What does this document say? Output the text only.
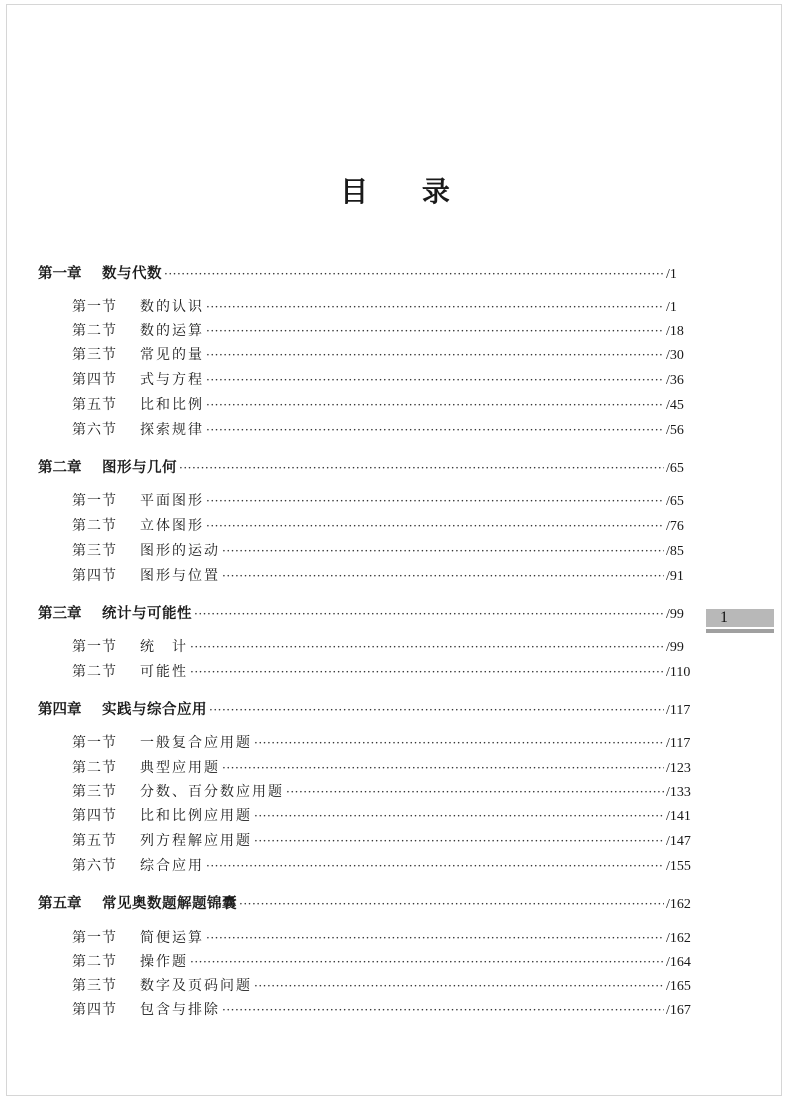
目 录
第一章	数与代数 ·····	/1
第一节	数的认识 ·····	/1
第二节	数的运算 ·····	/18
第三节	常见的量 ·····	/30
第四节	式与方程 ·····	/36
第五节	比和比例 ·····	/45
第六节	探索规律 ·····	/56
第二章	图形与几何 ·····	/65
第一节	平面图形 ·····	/65
第二节	立体图形 ·····	/76
第三节	图形的运动 ·····	/85
第四节	图形与位置 ·····	/91
第三章	统计与可能性 ·····	/99
第一节	统　计 ·····	/99
第二节	可能性 ·····	/110
第四章	实践与综合应用 ·····	/117
第一节	一般复合应用题 ·····	/117
第二节	典型应用题 ·····	/123
第三节	分数、百分数应用题 ·····	/133
第四节	比和比例应用题 ·····	/141
第五节	列方程解应用题 ·····	/147
第六节	综合应用 ·····	/155
第五章	常见奥数题解题锦囊 ·····	/162
第一节	简便运算 ·····	/162
第二节	操作题 ·····	/164
第三节	数字及页码问题 ·····	/165
第四节	包含与排除 ·····	/167
1
